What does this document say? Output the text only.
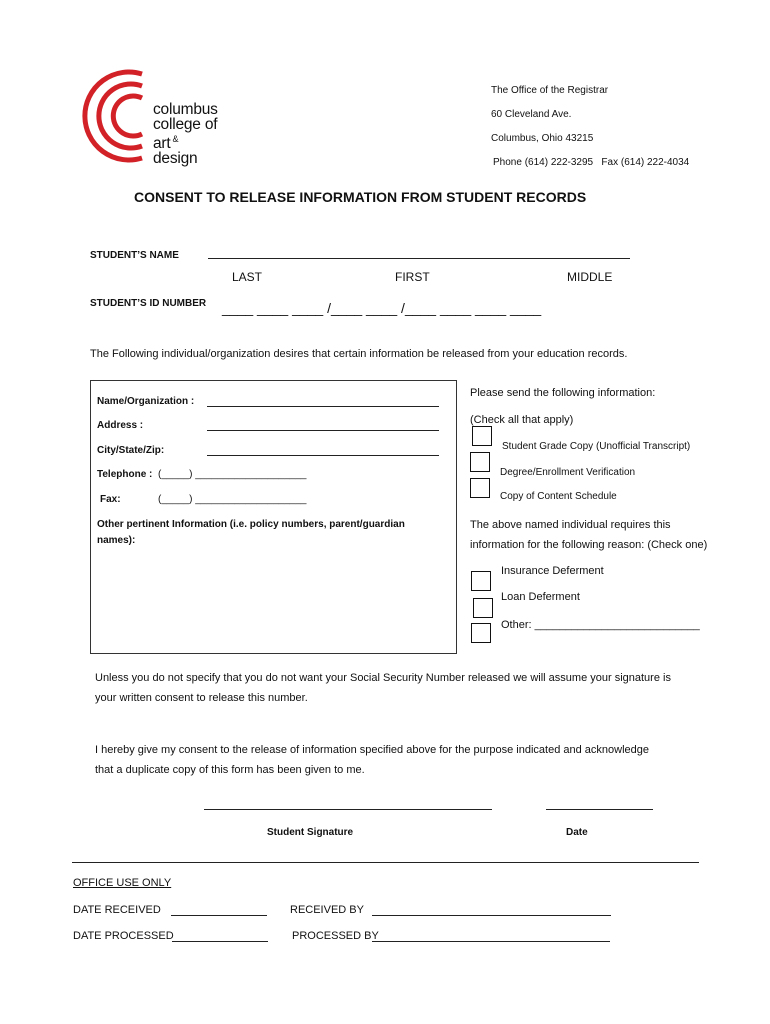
columbus
college of
art &
design
The Office of the Registrar
60 Cleveland Ave.
Columbus, Ohio 43215
Phone (614) 222-3295   Fax (614) 222-4034
CONSENT TO RELEASE INFORMATION FROM STUDENT RECORDS
STUDENT’S NAME
LAST	FIRST	MIDDLE
STUDENT’S ID NUMBER ____ ____ ____ /____ ____ /____ ____ ____ ____
The Following individual/organization desires that certain information be released from your education records.
Name/Organization :
Address :
City/State/Zip:
Telephone : (_____) ____________________
Fax:	(_____) ____________________
Other pertinent Information (i.e. policy numbers, parent/guardian
names):
Please send the following information:
(Check all that apply)
Student Grade Copy (Unofficial Transcript)
Degree/Enrollment Verification
Copy of Content Schedule
The above named individual requires this
information for the following reason: (Check one)
Insurance Deferment
Loan Deferment
Other: ___________________________
Unless you do not specify that you do not want your Social Security Number released we will assume your signature is
your written consent to release this number.
I hereby give my consent to the release of information specified above for the purpose indicated and acknowledge
that a duplicate copy of this form has been given to me.
Student Signature	Date
OFFICE USE ONLY
DATE RECEIVED	RECEIVED BY
DATE PROCESSED	PROCESSED BY
